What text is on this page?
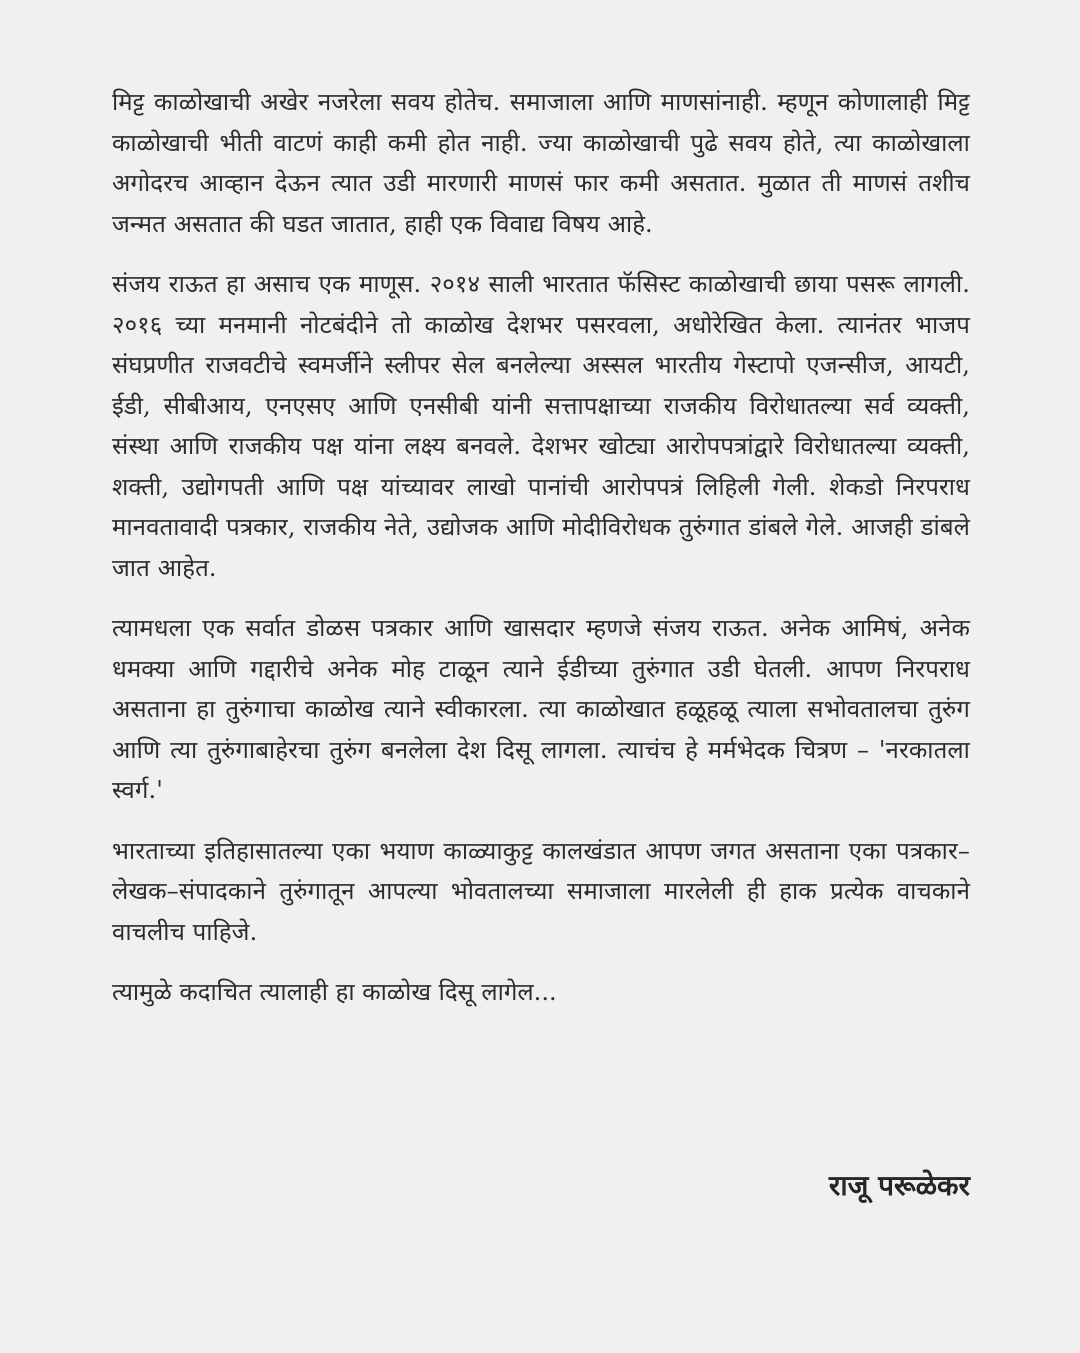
मिट्ट काळोखाची अखेर नजरेला सवय होतेच. समाजाला आणि माणसांनाही. म्हणून कोणालाही मिट्ट काळोखाची भीती वाटणं काही कमी होत नाही. ज्या काळोखाची पुढे सवय होते, त्या काळोखाला अगोदरच आव्हान देऊन त्यात उडी मारणारी माणसं फार कमी असतात. मुळात ती माणसं तशीच जन्मत असतात की घडत जातात, हाही एक विवाद्य विषय आहे.

संजय राऊत हा असाच एक माणूस. २०१४ साली भारतात फॅसिस्ट काळोखाची छाया पसरू लागली. २०१६ च्या मनमानी नोटबंदीने तो काळोख देशभर पसरवला, अधोरेखित केला. त्यानंतर भाजप संघप्रणीत राजवटीचे स्वमर्जीने स्लीपर सेल बनलेल्या अस्सल भारतीय गेस्टापो एजन्सीज, आयटी, ईडी, सीबीआय, एनएसए आणि एनसीबी यांनी सत्तापक्षाच्या राजकीय विरोधातल्या सर्व व्यक्ती, संस्था आणि राजकीय पक्ष यांना लक्ष्य बनवले. देशभर खोट्या आरोपपत्रांद्वारे विरोधातल्या व्यक्ती, शक्ती, उद्योगपती आणि पक्ष यांच्यावर लाखो पानांची आरोपपत्रं लिहिली गेली. शेकडो निरपराध मानवतावादी पत्रकार, राजकीय नेते, उद्योजक आणि मोदीविरोधक तुरुंगात डांबले गेले. आजही डांबले जात आहेत.

त्यामधला एक सर्वात डोळस पत्रकार आणि खासदार म्हणजे संजय राऊत. अनेक आमिषं, अनेक धमक्या आणि गद्दारीचे अनेक मोह टाळून त्याने ईडीच्या तुरुंगात उडी घेतली. आपण निरपराध असताना हा तुरुंगाचा काळोख त्याने स्वीकारला. त्या काळोखात हळूहळू त्याला सभोवतालचा तुरुंग आणि त्या तुरुंगाबाहेरचा तुरुंग बनलेला देश दिसू लागला. त्याचंच हे मर्मभेदक चित्रण – 'नरकातला स्वर्ग.'

भारताच्या इतिहासातल्या एका भयाण काळ्याकुट्ट कालखंडात आपण जगत असताना एका पत्रकार–लेखक–संपादकाने तुरुंगातून आपल्या भोवतालच्या समाजाला मारलेली ही हाक प्रत्येक वाचकाने वाचलीच पाहिजे.

त्यामुळे कदाचित त्यालाही हा काळोख दिसू लागेल...

राजू परूळेकर
